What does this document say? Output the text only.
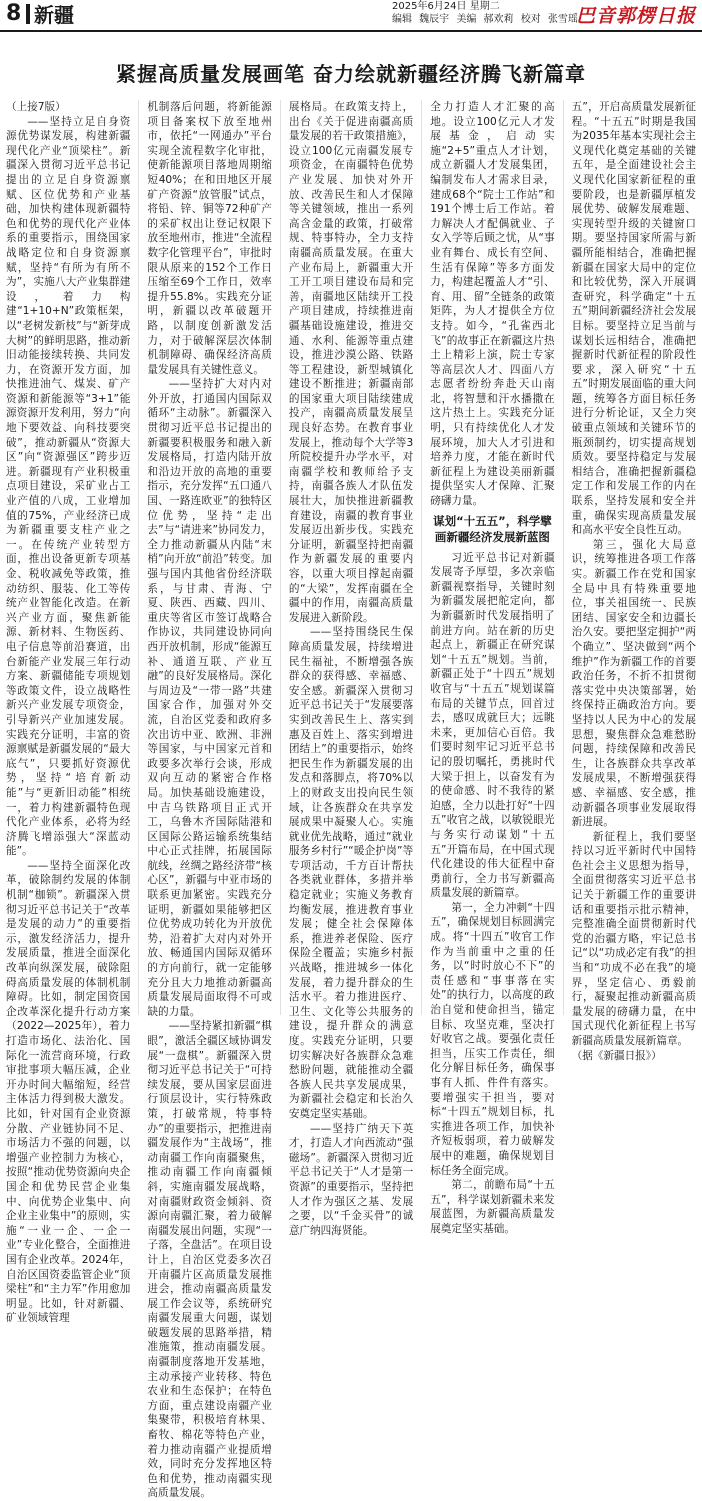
8 新疆	2025年6月24日 星期二
编辑 魏辰宇 美编 郝欢莉 校对 张雪瑶
巴音郭楞日报
紧握高质量发展画笔 奋力绘就新疆经济腾飞新篇章

（上接7版）

——坚持立足自身资源优势谋发展，构建新疆现代化产业“顶梁柱”。新疆深入贯彻习近平总书记提出的立足自身资源禀赋、区位优势和产业基础，加快构建体现新疆特色和优势的现代化产业体系的重要指示，围绕国家战略定位和自身资源禀赋，坚持“有所为有所不为”，实施八大产业集群建设，着力构建“1+10+N”政策框架，以“老树发新枝”与“新芽成大树”的鲜明思路，推动新旧动能接续转换、共同发力，在资源开发方面，加快推进油气、煤炭、矿产资源和新能源等“3+1”能源资源开发利用，努力“向地下要效益、向科技要突破”，推动新疆从“资源大区”向“资源强区”跨步迈进。新疆现有产业积极重点项目建设，采矿业占工业产值的八成，工业增加值的75%，产业经济已成为新疆重要支柱产业之一。在传统产业转型方面，推出设备更新专项基金、税收减免等政策，推动纺织、服装、化工等传统产业智能化改造。在新兴产业方面，聚焦新能源、新材料、生物医药、电子信息等前沿赛道，出台新能产业发展三年行动方案、新疆储能专项规划等政策文件，设立战略性新兴产业发展专项资金，引导新兴产业加速发展。实践充分证明，丰富的资源禀赋是新疆发展的“最大底气”，只要抓好资源优势，坚持“培育新动能”与“更新旧动能”相统一，着力构建新疆特色现代化产业体系，必将为经济腾飞增添强大“深蓝动能”。

——坚持全面深化改革，破除制约发展的体制机制“枷锁”。新疆深入贯彻习近平总书记关于“改革是发展的动力”的重要指示，激发经济活力，提升发展质量，推进全面深化改革向纵深发展，破除阻碍高质量发展的体制机制障碍。比如，制定国资国企改革深化提升行动方案（2022—2025年），着力打造市场化、法治化、国际化一流营商环境，行政审批事项大幅压减，企业开办时间大幅缩短，经营主体活力得到极大激发。比如，针对国有企业资源分散、产业链协同不足、市场活力不强的问题，以增强产业控制力为核心，按照“推动优势资源向央企国企和优势民营企业集中、向优势企业集中、向企业主业集中”的原则，实施“一业一企、一企一业”专业化整合，全面推进国有企业改革。2024年，自治区国资委监管企业“顶梁柱”和“主力军”作用愈加明显。比如，针对新疆、矿业领域管理

机制落后问题，将新能源项目备案权下放至地州市，依托“一网通办”平台实现全流程数字化审批，使新能源项目落地周期缩短40%；在和田地区开展矿产资源“放管服”试点，将铅、锌、铜等72种矿产的采矿权出让登记权限下放至地州市，推进“全流程数字化管理平台”，审批时限从原来的152个工作日压缩至69个工作日，效率提升55.8%。实践充分证明，新疆以改革破题开路，以制度创新激发活力，对于破解深层次体制机制障碍、确保经济高质量发展具有关键性意义。

——坚持扩大对内对外开放，打通国内国际双循环“主动脉”。新疆深入贯彻习近平总书记提出的新疆要积极服务和融入新发展格局，打造内陆开放和沿边开放的高地的重要指示，充分发挥“五口通八国、一路连欧亚”的独特区位优势，坚持“走出去”与“请进来”协同发力，全力推动新疆从内陆“末梢”向开放“前沿”转变。加强与国内其他省份经济联系，与甘肃、青海、宁夏、陕西、西藏、四川、重庆等省区市签订战略合作协议，共同建设协同向西开放机制，形成“能源互补、通道互联、产业互融”的良好发展格局。深化与周边及“一带一路”共建国家合作，加强对外交流，自治区党委和政府多次出访中亚、欧洲、非洲等国家，与中国家元首和政要多次举行会谈，形成双向互动的紧密合作格局。加快基础设施建设，中吉乌铁路项目正式开工，乌鲁木齐国际陆港和区国际公路运输系统集结中心正式挂牌，拓展国际航线，丝绸之路经济带“核心区”，新疆与中亚市场的联系更加紧密。实践充分证明，新疆如果能够把区位优势成功转化为开放优势，沿着扩大对内对外开放、畅通国内国际双循环的方向前行，就一定能够充分且大力地推动新疆高质量发展局面取得不可或缺的力量。

——坚持紧扣新疆“棋眼”，激活全疆区域协调发展“一盘棋”。新疆深入贯彻习近平总书记关于“可持续发展，要从国家层面进行顶层设计，实行特殊政策，打破常规，特事特办”的重要指示，把推进南疆发展作为“主战场”，推动南疆工作向南疆聚焦，推动南疆工作向南疆倾斜，实施南疆发展战略，对南疆财政资金倾斜、资源向南疆汇聚，着力破解南疆发展出问题，实现“一子落，全盘活”。在项目设计上，自治区党委多次召开南疆片区高质量发展推进会，推动南疆高质量发展工作会议等，系统研究南疆发展重大问题，谋划破题发展的思路举措，精准施策，推动南疆发展。南疆制度落地开发基地，主动承接产业转移、特色农业和生态保护；在特色方面，重点建设南疆产业集聚带，积极培育林果、畜牧、棉花等特色产业，着力推动南疆产业提质增效，同时充分发挥地区特色和优势，推动南疆实现高质量发展。

展格局。在政策支持上，出台《关于促进南疆高质量发展的若干政策措施》，设立100亿元南疆发展专项资金，在南疆特色优势产业发展、加快对外开放、改善民生和人才保障等关键领域，推出一系列高含金量的政策，打破常规、特事特办，全力支持南疆高质量发展。在重大产业布局上，新疆重大开工开工项目建设布局和完善，南疆地区陆续开工投产项目建成，持续推进南疆基础设施建设，推进交通、水利、能源等重点建设，推进沙漠公路、铁路等工程建设，新型城镇化建设不断推进；新疆南部的国家重大项目陆续建成投产，南疆高质量发展呈现良好态势。在教育事业发展上，推动每个大学等3所院校提升办学水平，对南疆学校和教师给予支持，南疆各族人才队伍发展壮大，加快推进新疆教育建设，南疆的教育事业发展迈出新步伐。实践充分证明，新疆坚持把南疆作为新疆发展的重要内容，以重大项目撑起南疆的“大梁”，发挥南疆在全疆中的作用，南疆高质量发展进入新阶段。

——坚持围绕民生保障高质量发展，持续增进民生福祉，不断增强各族群众的获得感、幸福感、安全感。新疆深入贯彻习近平总书记关于“发展要落实到改善民生上、落实到惠及百姓上、落实到增进团结上”的重要指示，始终把民生作为新疆发展的出发点和落脚点，将70%以上的财政支出投向民生领域，让各族群众在共享发展成果中凝聚人心。实施就业优先战略，通过“就业服务乡村行”“暖企护岗”等专项活动，千方百计帮扶各类就业群体，多措并举稳定就业；实施义务教育均衡发展，推进教育事业发展；健全社会保障体系，推进养老保险、医疗保险全覆盖；实施乡村振兴战略，推进城乡一体化发展，着力提升群众的生活水平。着力推进医疗、卫生、文化等公共服务的建设，提升群众的满意度。实践充分证明，只要切实解决好各族群众急难愁盼问题，就能推动全疆各族人民共享发展成果，为新疆社会稳定和长治久安奠定坚实基础。

——坚持广纳天下英才，打造人才向西流动“强磁场”。新疆深入贯彻习近平总书记关于“人才是第一资源”的重要指示，坚持把人才作为强区之基、发展之要，以“千金买骨”的诚意广纳四海贤能。

全力打造人才汇聚的高地。设立100亿元人才发展基金，启动实施“2+5”重点人才计划，成立新疆人才发展集团，编制发布人才需求目录，建成68个“院士工作站”和191个博士后工作站。着力解决人才配偶就业、子女入学等后顾之忧，从“事业有舞台、成长有空间、生活有保障”等多方面发力，构建起覆盖人才“引、育、用、留”全链条的政策矩阵，为人才提供全方位支持。如今，“孔雀西北飞”的故事正在新疆这片热土上精彩上演，院士专家等高层次人才、四面八方志愿者纷纷奔赴天山南北，将智慧和汗水播撒在这片热土上。实践充分证明，只有持续优化人才发展环境，加大人才引进和培养力度，才能在新时代新征程上为建设美丽新疆提供坚实人才保障、汇聚磅礴力量。

谋划“十五五”，科学擘画新疆经济发展新蓝图

习近平总书记对新疆发展寄予厚望，多次亲临新疆视察指导，关键时刻为新疆发展把舵定向，都为新疆新时代发展指明了前进方向。站在新的历史起点上，新疆正在研究谋划“十五五”规划。当前，新疆正处于“十四五”规划收官与“十五五”规划谋篇布局的关键节点，回首过去，感叹成就巨大；远眺未来，更加信心百倍。我们要时刻牢记习近平总书记的殷切嘱托，勇挑时代大梁于担上，以奋发有为的使命感、时不我待的紧迫感，全力以赴打好“十四五”收官之战，以敏锐眼光与务实行动谋划“十五五”开篇布局，在中国式现代化建设的伟大征程中奋勇前行，全力书写新疆高质量发展的新篇章。

第一，全力冲刺“十四五”，确保规划目标圆满完成。将“十四五”收官工作作为当前重中之重的任务，以“时时放心不下”的责任感和“事事落在实处”的执行力，以高度的政治自觉和使命担当，锚定目标、攻坚克难，坚决打好收官之战。要强化责任担当，压实工作责任，细化分解目标任务，确保事事有人抓、件件有落实。要增强实干担当，要对标“十四五”规划目标，扎实推进各项工作，加快补齐短板弱项，着力破解发展中的难题，确保规划目标任务全面完成。

第二，前瞻布局“十五五”，科学谋划新疆未来发展蓝图，为新疆高质量发展奠定坚实基础。

五”，开启高质量发展新征程。“十五五”时期是我国为2035年基本实现社会主义现代化奠定基础的关键五年，是全面建设社会主义现代化国家新征程的重要阶段，也是新疆厚植发展优势、破解发展难题、实现转型升级的关键窗口期。要坚持国家所需与新疆所能相结合，准确把握新疆在国家大局中的定位和比较优势，深入开展调查研究，科学确定“十五五”期间新疆经济社会发展目标。要坚持立足当前与谋划长远相结合，准确把握新时代新征程的阶段性要求，深入研究“十五五”时期发展面临的重大问题，统筹各方面目标任务进行分析论证，又全力突破重点领域和关键环节的瓶颈制约，切实提高规划质效。要坚持稳定与发展相结合，准确把握新疆稳定工作和发展工作的内在联系，坚持发展和安全并重，确保实现高质量发展和高水平安全良性互动。

第三，强化大局意识，统筹推进各项工作落实。新疆工作在党和国家全局中具有特殊重要地位，事关祖国统一、民族团结、国家安全和边疆长治久安。要把坚定拥护“两个确立”、坚决做到“两个维护”作为新疆工作的首要政治任务，不折不扣贯彻落实党中央决策部署，始终保持正确政治方向。要坚持以人民为中心的发展思想，聚焦群众急难愁盼问题，持续保障和改善民生，让各族群众共享改革发展成果，不断增强获得感、幸福感、安全感，推动新疆各项事业发展取得新进展。

新征程上，我们要坚持以习近平新时代中国特色社会主义思想为指导，全面贯彻落实习近平总书记关于新疆工作的重要讲话和重要指示批示精神，完整准确全面贯彻新时代党的治疆方略，牢记总书记“以“功成必定有我”的担当和“功成不必在我”的境界，坚定信心、勇毅前行，凝聚起推动新疆高质量发展的磅礴力量，在中国式现代化新征程上书写新疆高质量发展新篇章。

（据《新疆日报》）
